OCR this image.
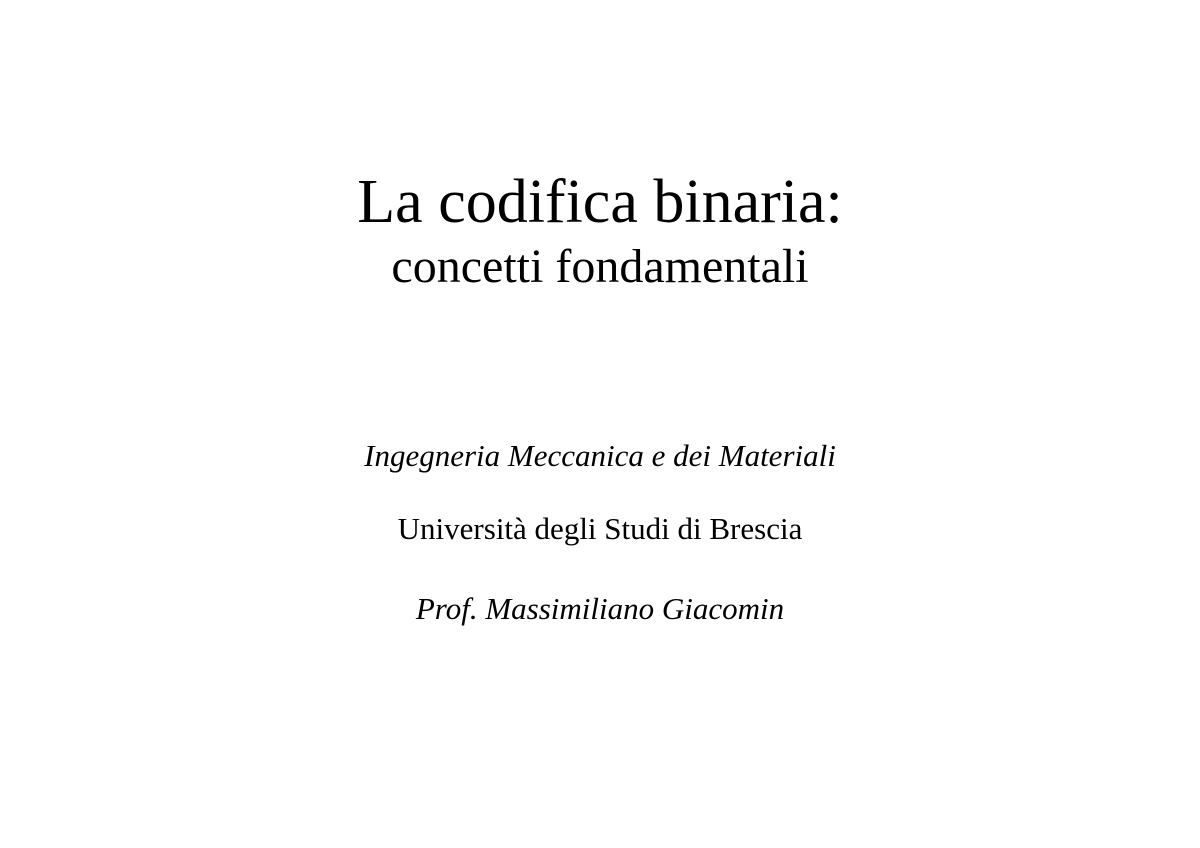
La codifica binaria:
concetti fondamentali
Ingegneria Meccanica e dei Materiali
Università degli Studi di Brescia
Prof. Massimiliano Giacomin
